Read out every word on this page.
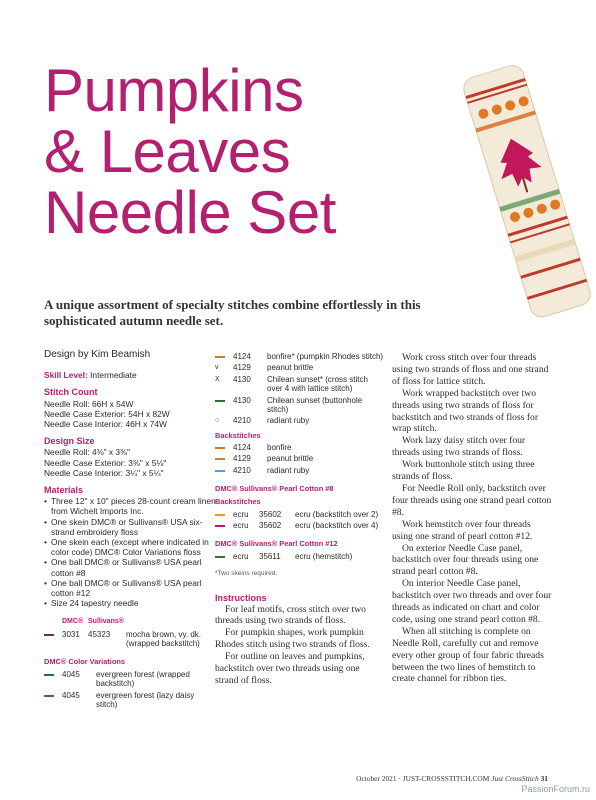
Pumpkins
& Leaves
Needle Set
A unique assortment of specialty stitches combine effortlessly in this sophisticated autumn needle set.
Design by Kim Beamish
Skill Level: Intermediate
Stitch Count
Needle Roll: 66H x 54W
Needle Case Exterior: 54H x 82W
Needle Case Interior: 46H x 74W
Design Size
Needle Roll: 4⅜" x 3⅜"
Needle Case Exterior: 3⅜" x 5⅛"
Needle Case Interior: 3¼" x 5¼"
Materials
• Three 12" x 10" pieces 28-count cream linen from Wichelt Imports Inc.
• One skein DMC® or Sullivans® USA six-strand embroidery floss
• One skein each (except where indicated in color code) DMC® Color Variations floss
• One ball DMC® or Sullivans® USA pearl cotton #8
• One ball DMC® or Sullivans® USA pearl cotton #12
• Size 24 tapestry needle
DMC® Sullivans®
3031	45323	mocha brown, vy. dk. (wrapped backstitch)
DMC® Color Variations
4045	evergreen forest (wrapped backstitch)
4045	evergreen forest (lazy daisy stitch)
4124	bonfire* (pumpkin Rhodes stitch)
v 4129	peanut brittle
X 4130	Chilean sunset* (cross stitch over 4 with lattice stitch)
4130	Chilean sunset (buttonhole stitch)
○ 4210	radiant ruby
Backstitches
4124	bonfire
4129	peanut brittle
4210	radiant ruby
DMC® Sullivans® Pearl Cotton #8
Backstitches
ecru	35602	ecru (backstitch over 2)
ecru	35602	ecru (backstitch over 4)
DMC® Sullivans® Pearl Cotton #12
ecru	35611	ecru (hemstitch)
*Two skeins required.
Instructions
For leaf motifs, cross stitch over two threads using two strands of floss.
For pumpkin shapes, work pumpkin Rhodes stitch using two strands of floss.
For outline on leaves and pumpkins, backstitch over two threads using one strand of floss.
Work cross stitch over four threads using two strands of floss and one strand of floss for lattice stitch.
Work wrapped backstitch over two threads using two strands of floss for backstitch and two strands of floss for wrap stitch.
Work lazy daisy stitch over four threads using two strands of floss.
Work buttonhole stitch using three strands of floss.
For Needle Roll only, backstitch over four threads using one strand pearl cotton #8.
Work hemstitch over four threads using one strand of pearl cotton #12.
On exterior Needle Case panel, backstitch over four threads using one strand pearl cotton #8.
On interior Needle Case panel, backstitch over two threads and over four threads as indicated on chart and color code, using one strand pearl cotton #8.
When all stitching is complete on Needle Roll, carefully cut and remove every other group of four fabric threads between the two lines of hemstitch to create channel for ribbon ties.
October 2021 · JUST-CROSSSTITCH.COM Just CrossStitch 31
PassionForum.ru
